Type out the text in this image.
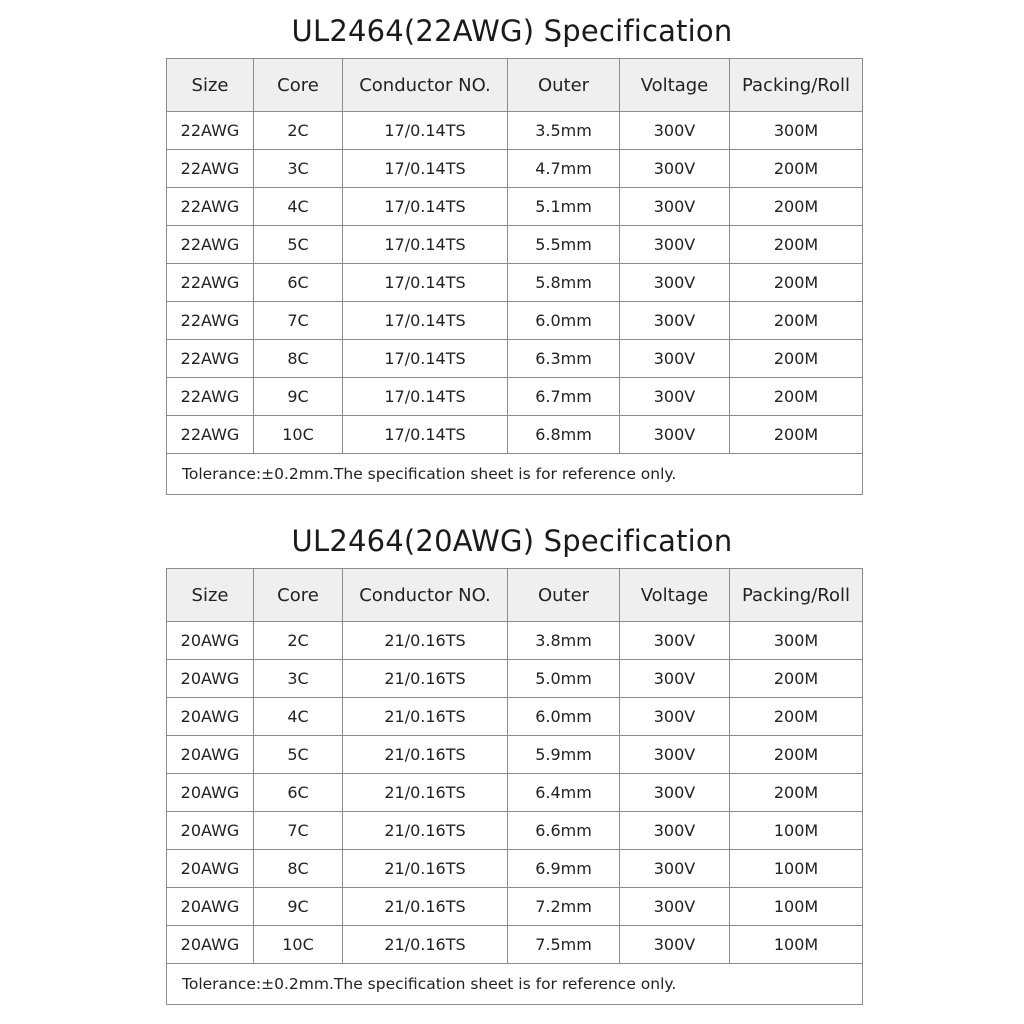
UL2464(22AWG) Specification
Size	Core	Conductor NO.	Outer	Voltage	Packing/Roll
22AWG	2C	17/0.14TS	3.5mm	300V	300M
22AWG	3C	17/0.14TS	4.7mm	300V	200M
22AWG	4C	17/0.14TS	5.1mm	300V	200M
22AWG	5C	17/0.14TS	5.5mm	300V	200M
22AWG	6C	17/0.14TS	5.8mm	300V	200M
22AWG	7C	17/0.14TS	6.0mm	300V	200M
22AWG	8C	17/0.14TS	6.3mm	300V	200M
22AWG	9C	17/0.14TS	6.7mm	300V	200M
22AWG	10C	17/0.14TS	6.8mm	300V	200M
Tolerance:±0.2mm.The specification sheet is for reference only.					
UL2464(20AWG) Specification
Size	Core	Conductor NO.	Outer	Voltage	Packing/Roll
20AWG	2C	21/0.16TS	3.8mm	300V	300M
20AWG	3C	21/0.16TS	5.0mm	300V	200M
20AWG	4C	21/0.16TS	6.0mm	300V	200M
20AWG	5C	21/0.16TS	5.9mm	300V	200M
20AWG	6C	21/0.16TS	6.4mm	300V	200M
20AWG	7C	21/0.16TS	6.6mm	300V	100M
20AWG	8C	21/0.16TS	6.9mm	300V	100M
20AWG	9C	21/0.16TS	7.2mm	300V	100M
20AWG	10C	21/0.16TS	7.5mm	300V	100M
Tolerance:±0.2mm.The specification sheet is for reference only.					
